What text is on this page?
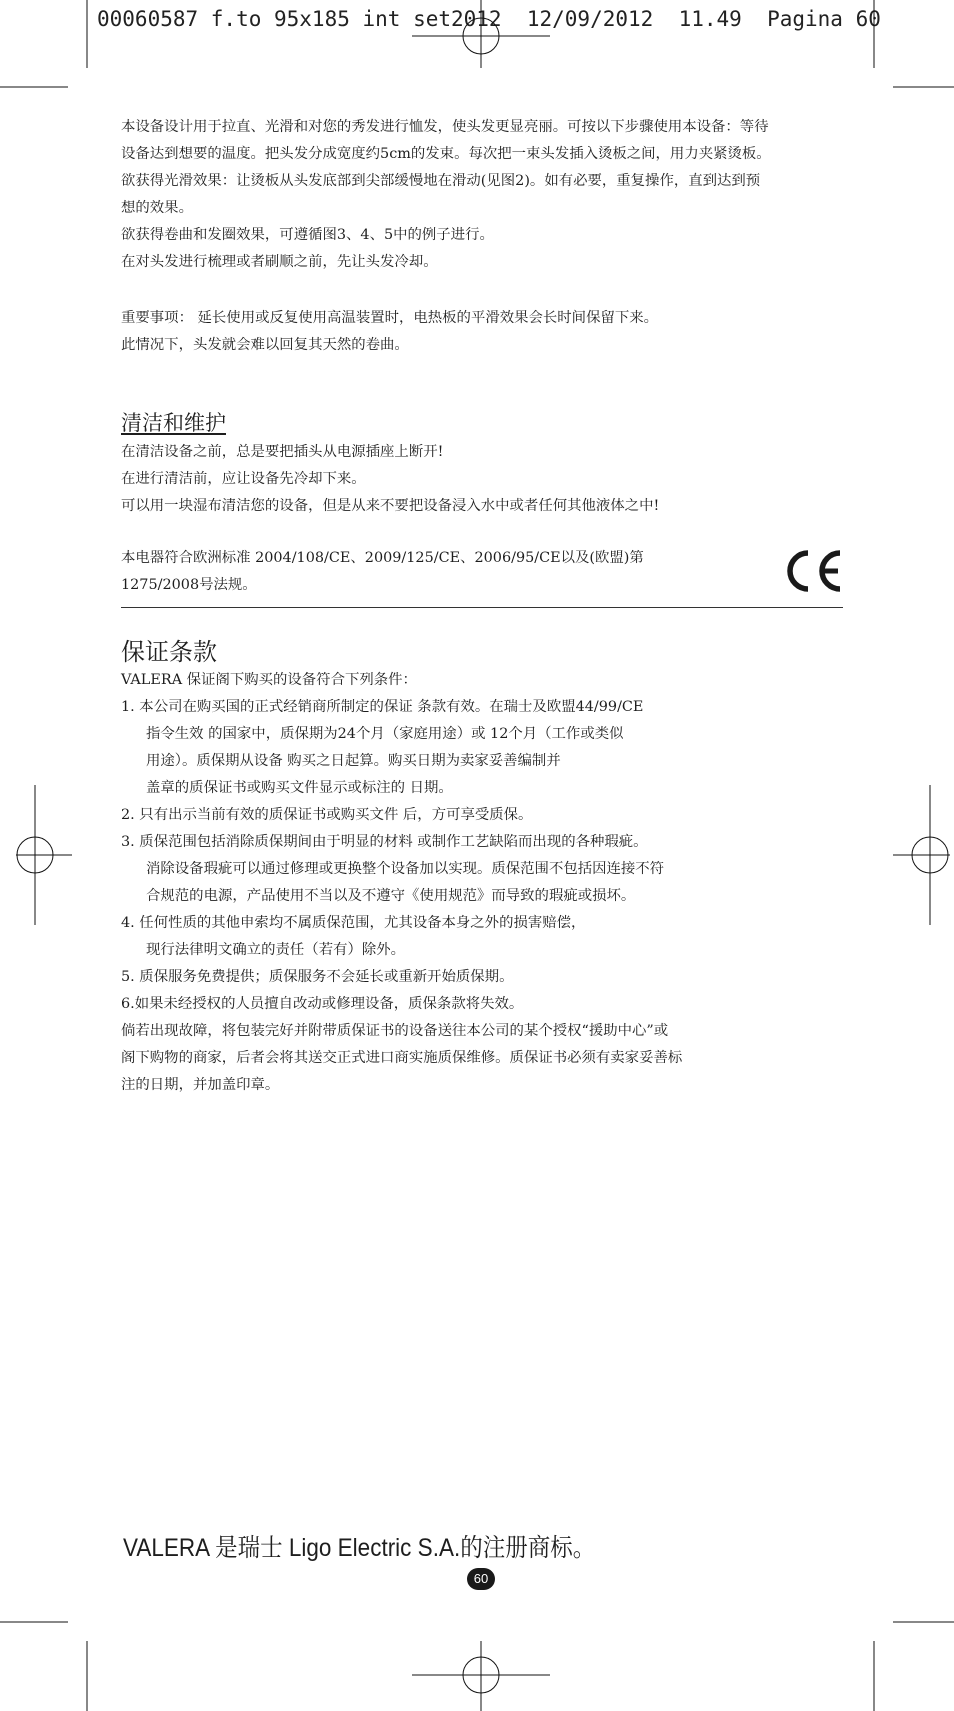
00060587 f.to 95x185 int set2012  12/09/2012  11.49  Pagina 60
本设备设计用于拉直、光滑和对您的秀发进行恤发，使头发更显亮丽。可按以下步骤使用本设备：等待
设备达到想要的温度。把头发分成宽度约5cm的发束。每次把一束头发插入烫板之间，用力夹紧烫板。
欲获得光滑效果：让烫板从头发底部到尖部缓慢地在滑动(见图2)。如有必要，重复操作，直到达到预
想的效果。
欲获得卷曲和发圈效果，可遵循图3、4、5中的例子进行。
在对头发进行梳理或者刷顺之前，先让头发冷却。
重要事项： 延长使用或反复使用高温装置时，电热板的平滑效果会长时间保留下来。
此情况下，头发就会难以回复其天然的卷曲。
清洁和维护
在清洁设备之前，总是要把插头从电源插座上断开!
在进行清洁前，应让设备先冷却下来。
可以用一块湿布清洁您的设备，但是从来不要把设备浸入水中或者任何其他液体之中!
本电器符合欧洲标准 2004/108/CE、2009/125/CE、2006/95/CE以及(欧盟)第
1275/2008号法规。
保证条款
VALERA 保证阁下购买的设备符合下列条件：
1. 本公司在购买国的正式经销商所制定的保证 条款有效。在瑞士及欧盟44/99/CE
指令生效 的国家中，质保期为24个月（家庭用途）或 12个月（工作或类似
用途）。质保期从设备 购买之日起算。购买日期为卖家妥善编制并
盖章的质保证书或购买文件显示或标注的 日期。
2. 只有出示当前有效的质保证书或购买文件 后，方可享受质保。
3. 质保范围包括消除质保期间由于明显的材料 或制作工艺缺陷而出现的各种瑕疵。
消除设备瑕疵可以通过修理或更换整个设备加以实现。质保范围不包括因连接不符
合规范的电源，产品使用不当以及不遵守《使用规范》而导致的瑕疵或损坏。
4. 任何性质的其他申索均不属质保范围，尤其设备本身之外的损害赔偿，
现行法律明文确立的责任（若有）除外。
5. 质保服务免费提供；质保服务不会延长或重新开始质保期。
6.如果未经授权的人员擅自改动或修理设备，质保条款将失效。
倘若出现故障，将包装完好并附带质保证书的设备送往本公司的某个授权“援助中心”或
阁下购物的商家，后者会将其送交正式进口商实施质保维修。质保证书必须有卖家妥善标
注的日期，并加盖印章。
VALERA 是瑞士 Ligo Electric S.A.的注册商标。
60
